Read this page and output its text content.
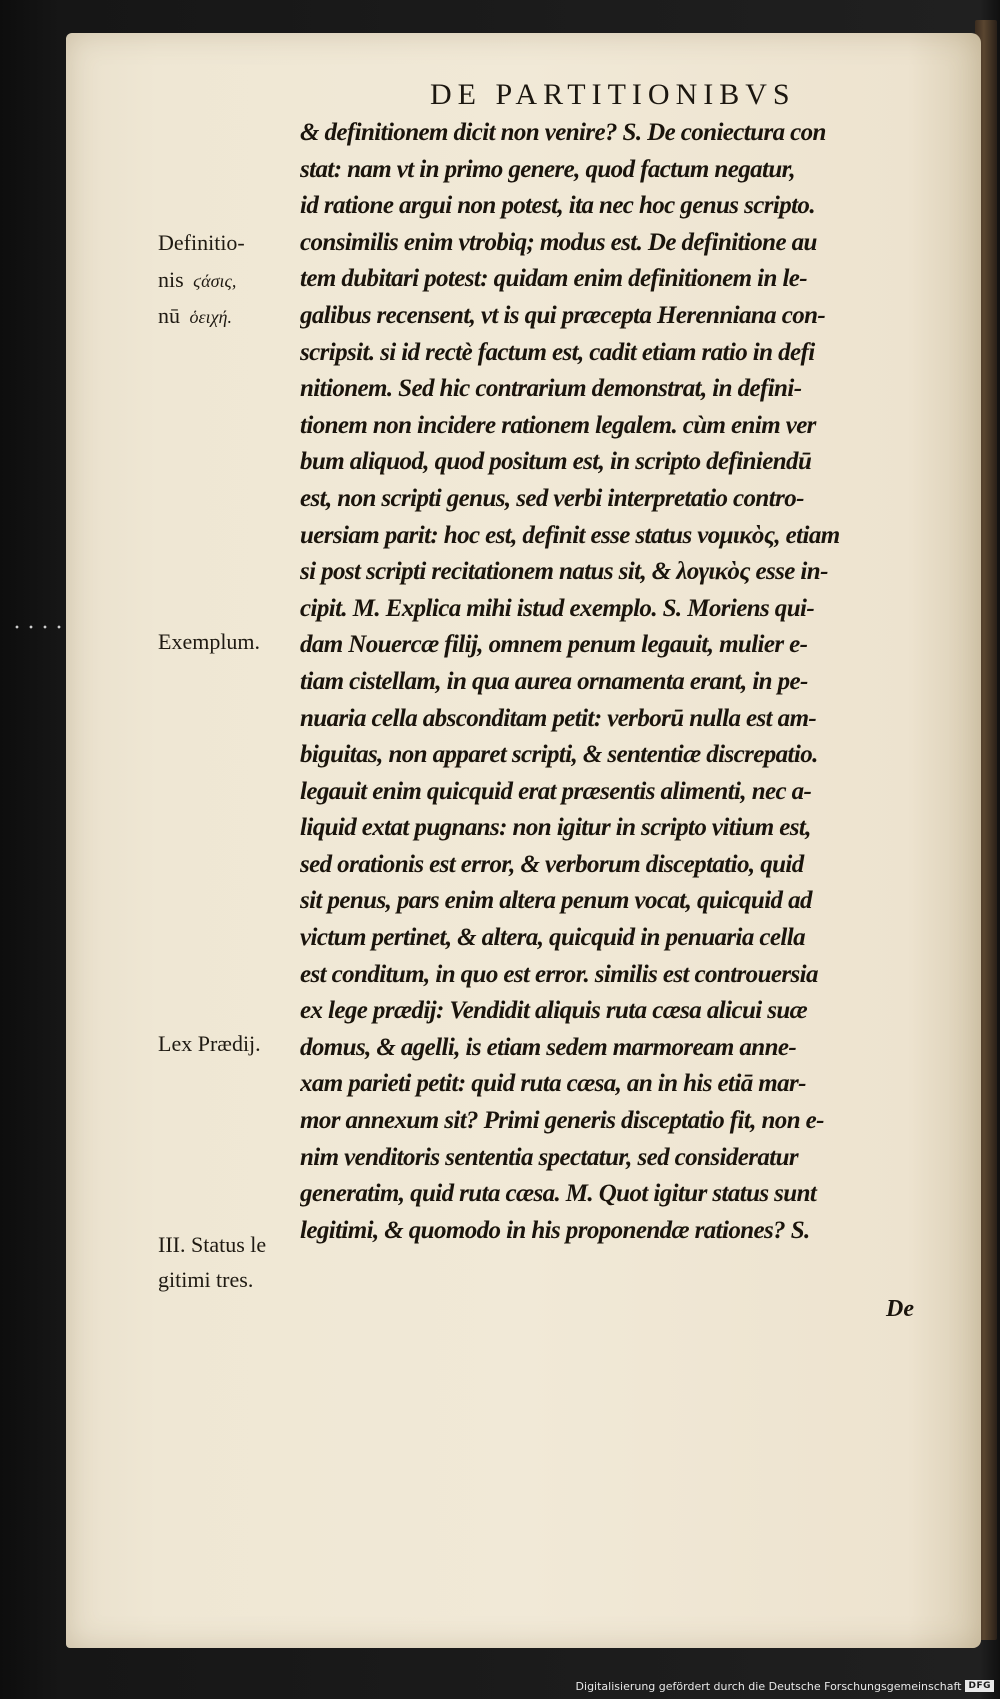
DE PARTITIONIBVS
Definitio-
nis ϛάσις,
nū ὁειχή.
Exemplum.
Lex Prædij.
III. Status le
gitimi tres.
& definitionem dicit non venire? S. De coniectura con
stat: nam vt in primo genere, quod factum negatur,
id ratione argui non potest, ita nec hoc genus scripto.
consimilis enim vtrobiq; modus est. De definitione au
tem dubitari potest: quidam enim definitionem in le-
galibus recensent, vt is qui præcepta Herenniana con-
scripsit. si id rectè factum est, cadit etiam ratio in defi
nitionem. Sed hic contrarium demonstrat, in defini-
tionem non incidere rationem legalem. cùm enim ver
bum aliquod, quod positum est, in scripto definiendū
est, non scripti genus, sed verbi interpretatio contro-
uersiam parit: hoc est, definit esse status νομικὸς, etiam
si post scripti recitationem natus sit, & λογικὸς esse in-
cipit. M. Explica mihi istud exemplo. S. Moriens qui-
dam Nouercæ filij, omnem penum legauit, mulier e-
tiam cistellam, in qua aurea ornamenta erant, in pe-
nuaria cella absconditam petit: verborū nulla est am-
biguitas, non apparet scripti, & sententiæ discrepatio.
legauit enim quicquid erat præsentis alimenti, nec a-
liquid extat pugnans: non igitur in scripto vitium est,
sed orationis est error, & verborum disceptatio, quid
sit penus, pars enim altera penum vocat, quicquid ad
victum pertinet, & altera, quicquid in penuaria cella
est conditum, in quo est error. similis est controuersia
ex lege prædij: Vendidit aliquis ruta cæsa alicui suæ
domus, & agelli, is etiam sedem marmoream anne-
xam parieti petit: quid ruta cæsa, an in his etiā mar-
mor annexum sit? Primi generis disceptatio fit, non e-
nim venditoris sententia spectatur, sed consideratur
generatim, quid ruta cæsa. M. Quot igitur status sunt
legitimi, & quomodo in his proponendæ rationes? S.
De
Digitalisierung gefördert durch die Deutsche Forschungsgemeinschaft DFG
